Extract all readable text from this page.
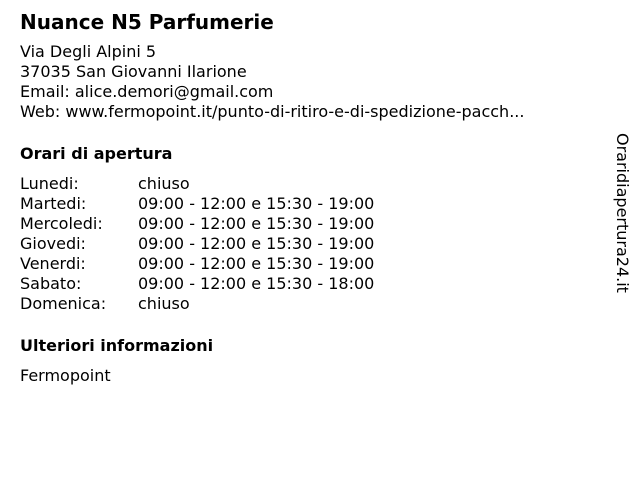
Nuance N5 Parfumerie
Via Degli Alpini 5
37035 San Giovanni Ilarione
Email: alice.demori@gmail.com
Web: www.fermopoint.it/punto-di-ritiro-e-di-spedizione-pacch...
Orari di apertura
Lunedi:	chiuso
Martedi:	09:00 - 12:00 e 15:30 - 19:00
Mercoledi:	09:00 - 12:00 e 15:30 - 19:00
Giovedi:	09:00 - 12:00 e 15:30 - 19:00
Venerdi:	09:00 - 12:00 e 15:30 - 19:00
Sabato:	09:00 - 12:00 e 15:30 - 18:00
Domenica:	chiuso
Ulteriori informazioni
Fermopoint
Oraridiapertura24.it
